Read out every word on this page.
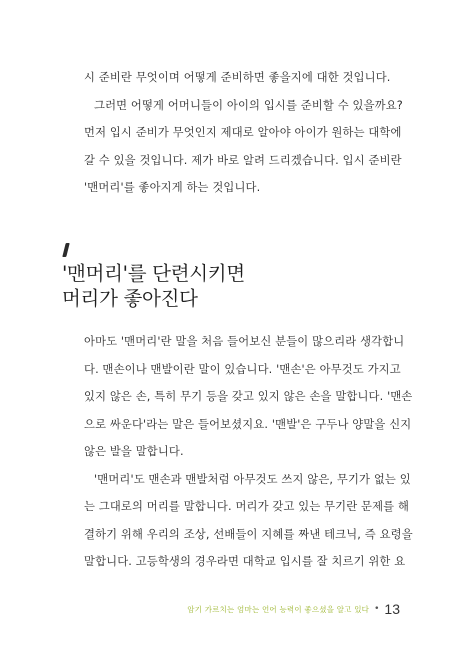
시 준비란 무엇이며 어떻게 준비하면 좋을지에 대한 것입니다.
그러면 어떻게 어머니들이 아이의 입시를 준비할 수 있을까요?
먼저 입시 준비가 무엇인지 제대로 알아야 아이가 원하는 대학에
갈 수 있을 것입니다. 제가 바로 알려 드리겠습니다. 입시 준비란
'맨머리'를 좋아지게 하는 것입니다.
'맨머리'를 단련시키면
머리가 좋아진다
아마도 '맨머리'란 말을 처음 들어보신 분들이 많으리라 생각합니
다. 맨손이나 맨발이란 말이 있습니다. '맨손'은 아무것도 가지고
있지 않은 손, 특히 무기 등을 갖고 있지 않은 손을 말합니다. '맨손
으로 싸운다'라는 말은 들어보셨지요. '맨발'은 구두나 양말을 신지
않은 발을 말합니다.
'맨머리'도 맨손과 맨발처럼 아무것도 쓰지 않은, 무기가 없는 있
는 그대로의 머리를 말합니다. 머리가 갖고 있는 무기란 문제를 해
결하기 위해 우리의 조상, 선배들이 지혜를 짜낸 테크닉, 즉 요령을
말합니다. 고등학생의 경우라면 대학교 입시를 잘 치르기 위한 요
암기 가르치는 엄마는 언어 능력이 좋으셨을 알고 있다 • 13
